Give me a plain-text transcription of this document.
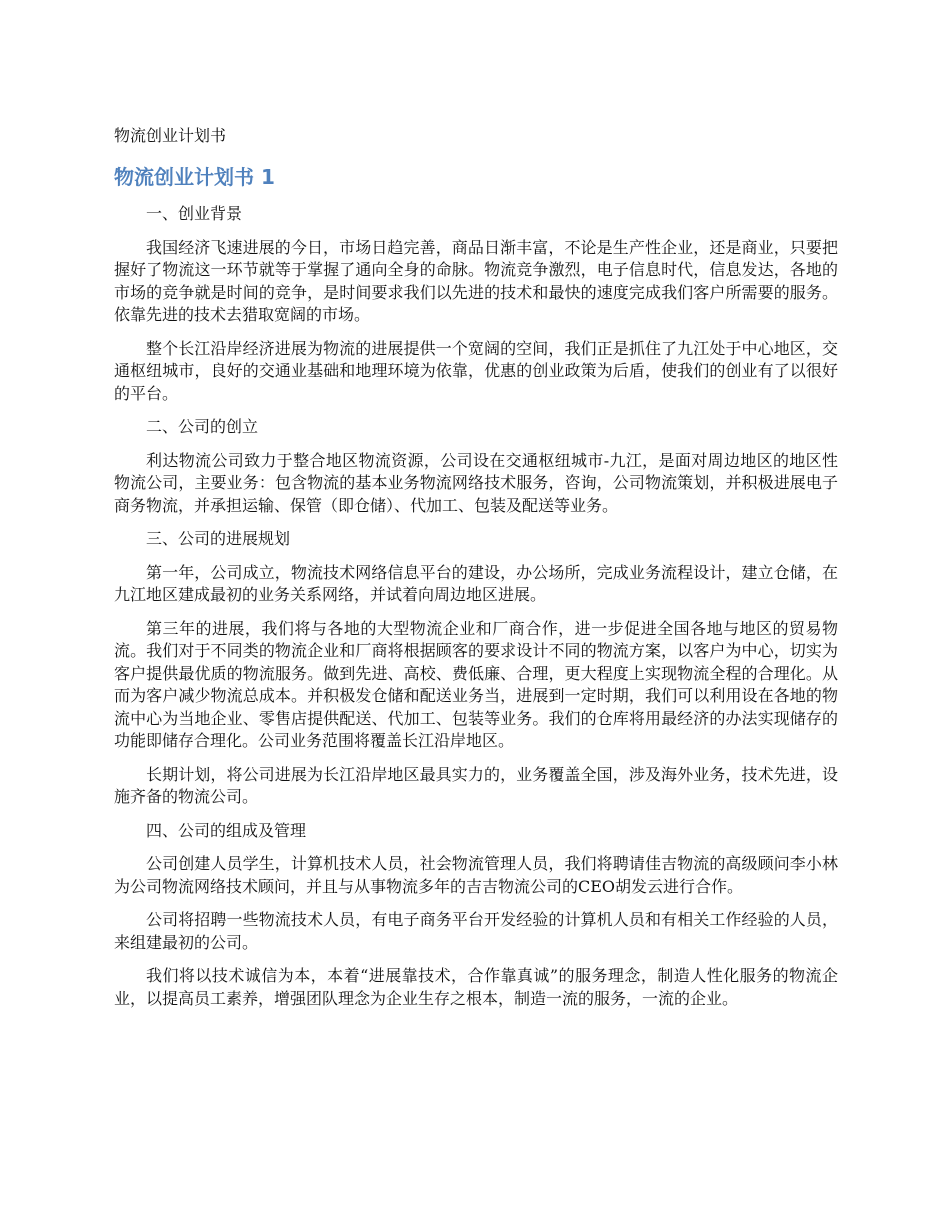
物流创业计划书
物流创业计划书 1

一、创业背景

我国经济飞速进展的今日，市场日趋完善，商品日渐丰富，不论是生产性企业，还是商业，只要把握好了物流这一环节就等于掌握了通向全身的命脉。物流竞争激烈，电子信息时代，信息发达，各地的市场的竞争就是时间的竞争，是时间要求我们以先进的技术和最快的速度完成我们客户所需要的服务。依靠先进的技术去猎取宽阔的市场。

整个长江沿岸经济进展为物流的进展提供一个宽阔的空间，我们正是抓住了九江处于中心地区，交通枢纽城市，良好的交通业基础和地理环境为依靠，优惠的创业政策为后盾，使我们的创业有了以很好的平台。

二、公司的创立

利达物流公司致力于整合地区物流资源，公司设在交通枢纽城市-九江，是面对周边地区的地区性物流公司，主要业务：包含物流的基本业务物流网络技术服务，咨询，公司物流策划，并积极进展电子商务物流，并承担运输、保管（即仓储）、代加工、包装及配送等业务。

三、公司的进展规划

第一年，公司成立，物流技术网络信息平台的建设，办公场所，完成业务流程设计，建立仓储，在九江地区建成最初的业务关系网络，并试着向周边地区进展。

第三年的进展，我们将与各地的大型物流企业和厂商合作，进一步促进全国各地与地区的贸易物流。我们对于不同类的物流企业和厂商将根据顾客的要求设计不同的物流方案，以客户为中心，切实为客户提供最优质的物流服务。做到先进、高校、费低廉、合理，更大程度上实现物流全程的合理化。从而为客户减少物流总成本。并积极发仓储和配送业务当，进展到一定时期，我们可以利用设在各地的物流中心为当地企业、零售店提供配送、代加工、包装等业务。我们的仓库将用最经济的办法实现储存的功能即储存合理化。公司业务范围将覆盖长江沿岸地区。

长期计划，将公司进展为长江沿岸地区最具实力的，业务覆盖全国，涉及海外业务，技术先进，设施齐备的物流公司。

四、公司的组成及管理

公司创建人员学生，计算机技术人员，社会物流管理人员，我们将聘请佳吉物流的高级顾问李小林为公司物流网络技术顾问，并且与从事物流多年的吉吉物流公司的CEO胡发云进行合作。

公司将招聘一些物流技术人员，有电子商务平台开发经验的计算机人员和有相关工作经验的人员，来组建最初的公司。

我们将以技术诚信为本，本着“进展靠技术，合作靠真诚”的服务理念，制造人性化服务的物流企业，以提高员工素养，增强团队理念为企业生存之根本，制造一流的服务，一流的企业。
